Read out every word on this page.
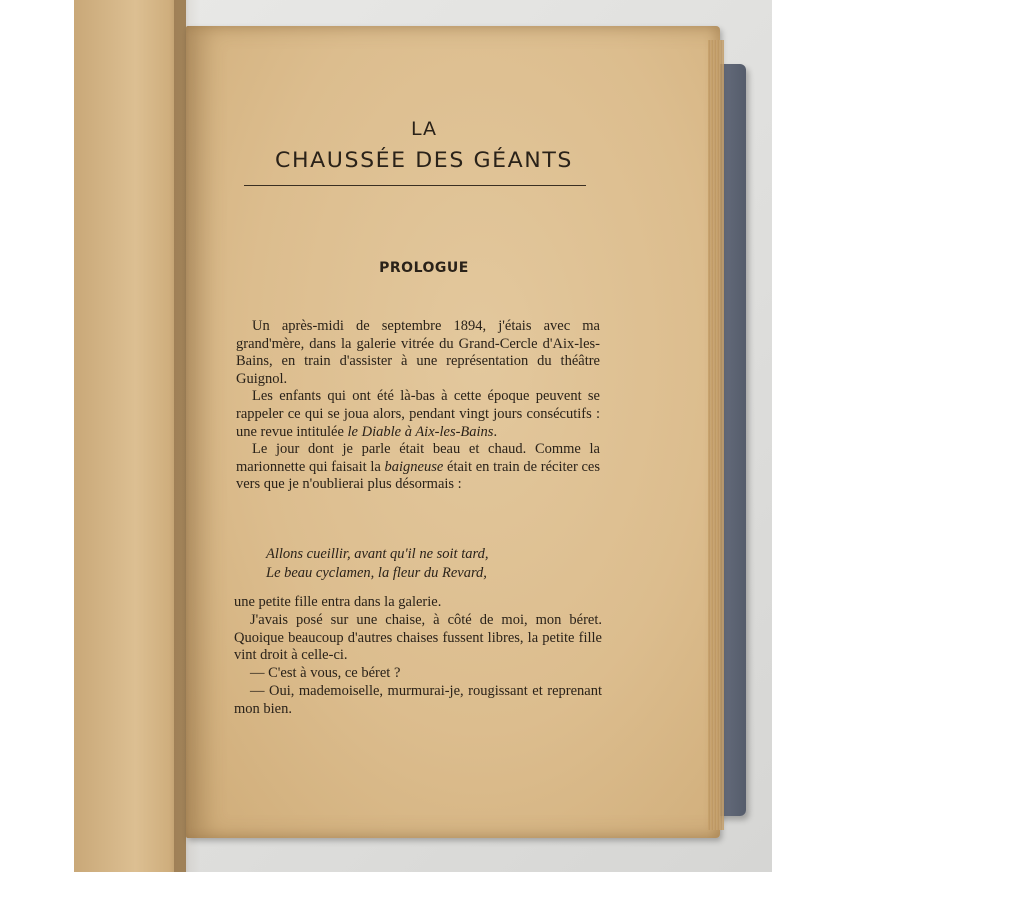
LA
CHAUSSÉE DES GÉANTS
PROLOGUE

Un après-midi de septembre 1894, j'étais avec ma grand'mère, dans la galerie vitrée du Grand-Cercle d'Aix-les-Bains, en train d'assister à une représentation du théâtre Guignol.

Les enfants qui ont été là-bas à cette époque peuvent se rappeler ce qui se joua alors, pendant vingt jours consécutifs : une revue intitulée le Diable à Aix-les-Bains.

Le jour dont je parle était beau et chaud. Comme la marionnette qui faisait la baigneuse était en train de réciter ces vers que je n'oublierai plus désormais :

Allons cueillir, avant qu'il ne soit tard,
Le beau cyclamen, la fleur du Revard,

une petite fille entra dans la galerie.

J'avais posé sur une chaise, à côté de moi, mon béret. Quoique beaucoup d'autres chaises fussent libres, la petite fille vint droit à celle-ci.

— C'est à vous, ce béret ?

— Oui, mademoiselle, murmurai-je, rougissant et reprenant mon bien.
